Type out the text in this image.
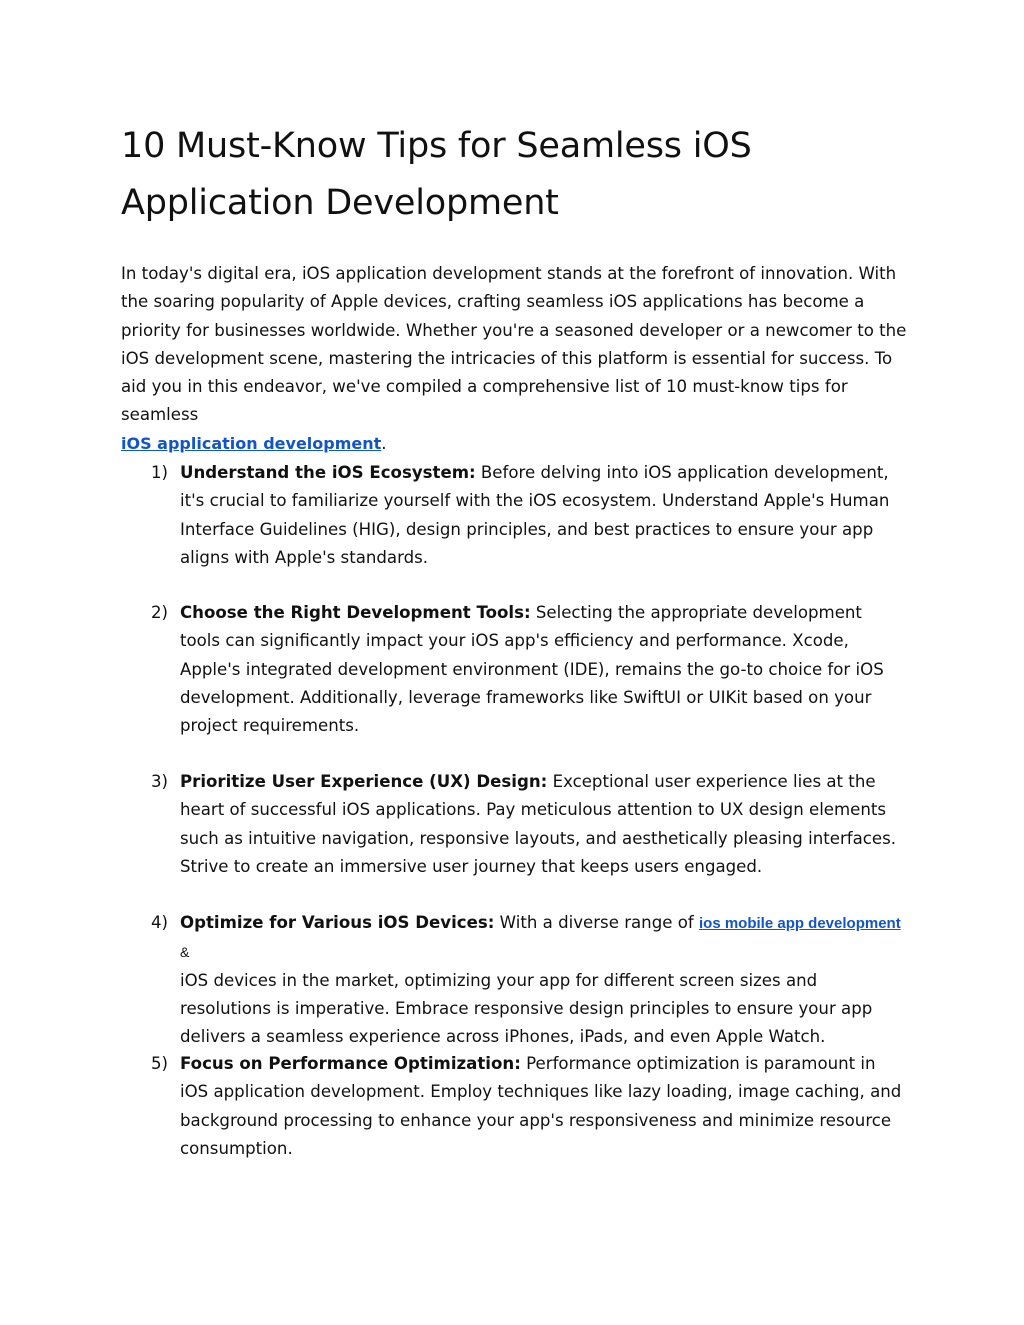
10 Must-Know Tips for Seamless iOS
Application Development

In today's digital era, iOS application development stands at the forefront of innovation. With the soaring popularity of Apple devices, crafting seamless iOS applications has become a priority for businesses worldwide. Whether you're a seasoned developer or a newcomer to the iOS development scene, mastering the intricacies of this platform is essential for success. To aid you in this endeavor, we've compiled a comprehensive list of 10 must-know tips for seamless
iOS application development.

1) Understand the iOS Ecosystem: Before delving into iOS application development, it's crucial to familiarize yourself with the iOS ecosystem. Understand Apple's Human Interface Guidelines (HIG), design principles, and best practices to ensure your app aligns with Apple's standards.

2) Choose the Right Development Tools: Selecting the appropriate development tools can significantly impact your iOS app's efficiency and performance. Xcode, Apple's integrated development environment (IDE), remains the go-to choice for iOS development. Additionally, leverage frameworks like SwiftUI or UIKit based on your project requirements.

3) Prioritize User Experience (UX) Design: Exceptional user experience lies at the heart of successful iOS applications. Pay meticulous attention to UX design elements such as intuitive navigation, responsive layouts, and aesthetically pleasing interfaces. Strive to create an immersive user journey that keeps users engaged.

4) Optimize for Various iOS Devices: With a diverse range of ios mobile app development &
iOS devices in the market, optimizing your app for different screen sizes and resolutions is imperative. Embrace responsive design principles to ensure your app delivers a seamless experience across iPhones, iPads, and even Apple Watch.

5) Focus on Performance Optimization: Performance optimization is paramount in iOS application development. Employ techniques like lazy loading, image caching, and background processing to enhance your app's responsiveness and minimize resource consumption.
